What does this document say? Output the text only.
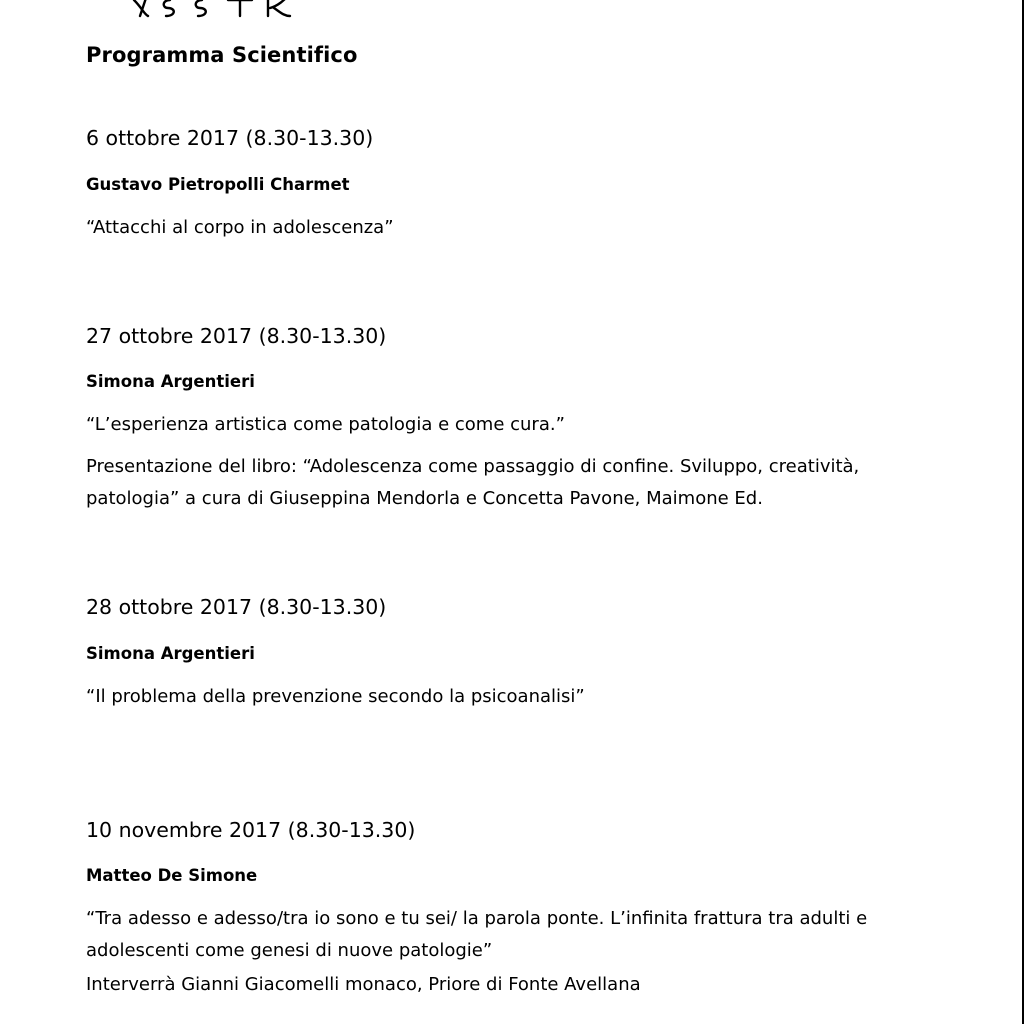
Programma Scientifico

6 ottobre 2017 (8.30-13.30)

Gustavo Pietropolli Charmet

“Attacchi al corpo in adolescenza”

27 ottobre 2017 (8.30-13.30)

Simona Argentieri

“L’esperienza artistica come patologia e come cura.”

Presentazione del libro: “Adolescenza come passaggio di confine. Sviluppo, creatività,

patologia” a cura di Giuseppina Mendorla e Concetta Pavone, Maimone Ed.

28 ottobre 2017 (8.30-13.30)

Simona Argentieri

“Il problema della prevenzione secondo la psicoanalisi”

10 novembre 2017 (8.30-13.30)

Matteo De Simone

“Tra adesso e adesso/tra io sono e tu sei/ la parola ponte. L’infinita frattura tra adulti e

adolescenti come genesi di nuove patologie”

Interverrà Gianni Giacomelli monaco, Priore di Fonte Avellana
